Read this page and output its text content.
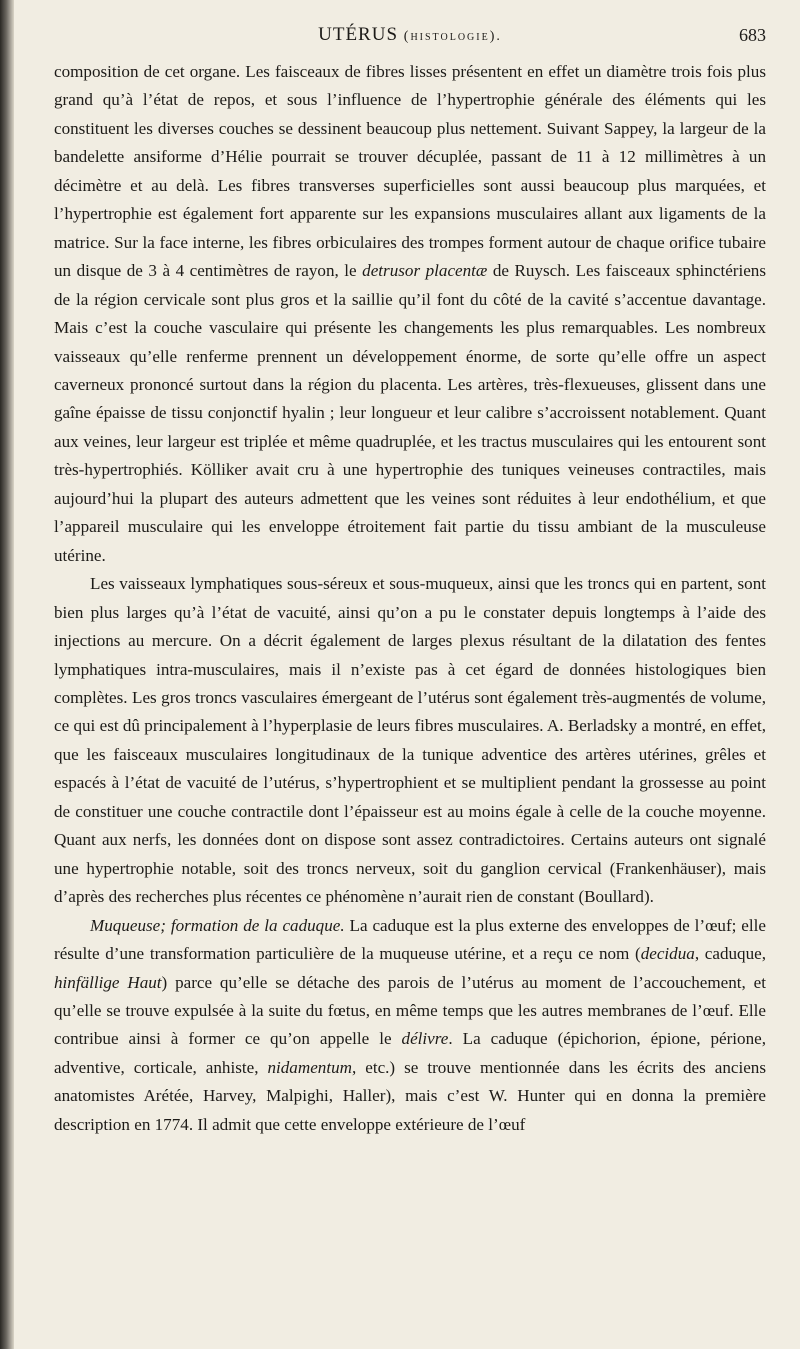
UTÉRUS (histologie).	683

composition de cet organe. Les faisceaux de fibres lisses présentent en effet un diamètre trois fois plus grand qu’à l’état de repos, et sous l’influence de l’hypertrophie générale des éléments qui les constituent les diverses couches se dessinent beaucoup plus nettement. Suivant Sappey, la largeur de la bandelette ansiforme d’Hélie pourrait se trouver décuplée, passant de 11 à 12 millimètres à un décimètre et au delà. Les fibres transverses superficielles sont aussi beaucoup plus marquées, et l’hypertrophie est également fort apparente sur les expansions musculaires allant aux ligaments de la matrice. Sur la face interne, les fibres orbiculaires des trompes forment autour de chaque orifice tubaire un disque de 3 à 4 centimètres de rayon, le detrusor placentæ de Ruysch. Les faisceaux sphinctériens de la région cervicale sont plus gros et la saillie qu’il font du côté de la cavité s’accentue davantage. Mais c’est la couche vasculaire qui présente les changements les plus remarquables. Les nombreux vaisseaux qu’elle renferme prennent un développement énorme, de sorte qu’elle offre un aspect caverneux prononcé surtout dans la région du placenta. Les artères, très-flexueuses, glissent dans une gaîne épaisse de tissu conjonctif hyalin ; leur longueur et leur calibre s’accroissent notablement. Quant aux veines, leur largeur est triplée et même quadruplée, et les tractus musculaires qui les entourent sont très-hypertrophiés. Kölliker avait cru à une hypertrophie des tuniques veineuses contractiles, mais aujourd’hui la plupart des auteurs admettent que les veines sont réduites à leur endothélium, et que l’appareil musculaire qui les enveloppe étroitement fait partie du tissu ambiant de la musculeuse utérine.

Les vaisseaux lymphatiques sous-séreux et sous-muqueux, ainsi que les troncs qui en partent, sont bien plus larges qu’à l’état de vacuité, ainsi qu’on a pu le constater depuis longtemps à l’aide des injections au mercure. On a décrit également de larges plexus résultant de la dilatation des fentes lymphatiques intra-musculaires, mais il n’existe pas à cet égard de données histologiques bien complètes. Les gros troncs vasculaires émergeant de l’utérus sont également très-augmentés de volume, ce qui est dû principalement à l’hyperplasie de leurs fibres musculaires. A. Berladsky a montré, en effet, que les faisceaux musculaires longitudinaux de la tunique adventice des artères utérines, grêles et espacés à l’état de vacuité de l’utérus, s’hypertrophient et se multiplient pendant la grossesse au point de constituer une couche contractile dont l’épaisseur est au moins égale à celle de la couche moyenne. Quant aux nerfs, les données dont on dispose sont assez contradictoires. Certains auteurs ont signalé une hypertrophie notable, soit des troncs nerveux, soit du ganglion cervical (Frankenhäuser), mais d’après des recherches plus récentes ce phénomène n’aurait rien de constant (Boullard).

Muqueuse; formation de la caduque. La caduque est la plus externe des enveloppes de l’œuf; elle résulte d’une transformation particulière de la muqueuse utérine, et a reçu ce nom (decidua, caduque, hinfällige Haut) parce qu’elle se détache des parois de l’utérus au moment de l’accouchement, et qu’elle se trouve expulsée à la suite du fœtus, en même temps que les autres membranes de l’œuf. Elle contribue ainsi à former ce qu’on appelle le délivre. La caduque (épichorion, épione, périone, adventive, corticale, anhiste, nidamentum, etc.) se trouve mentionnée dans les écrits des anciens anatomistes Arétée, Harvey, Malpighi, Haller), mais c’est W. Hunter qui en donna la première description en 1774. Il admit que cette enveloppe extérieure de l’œuf
